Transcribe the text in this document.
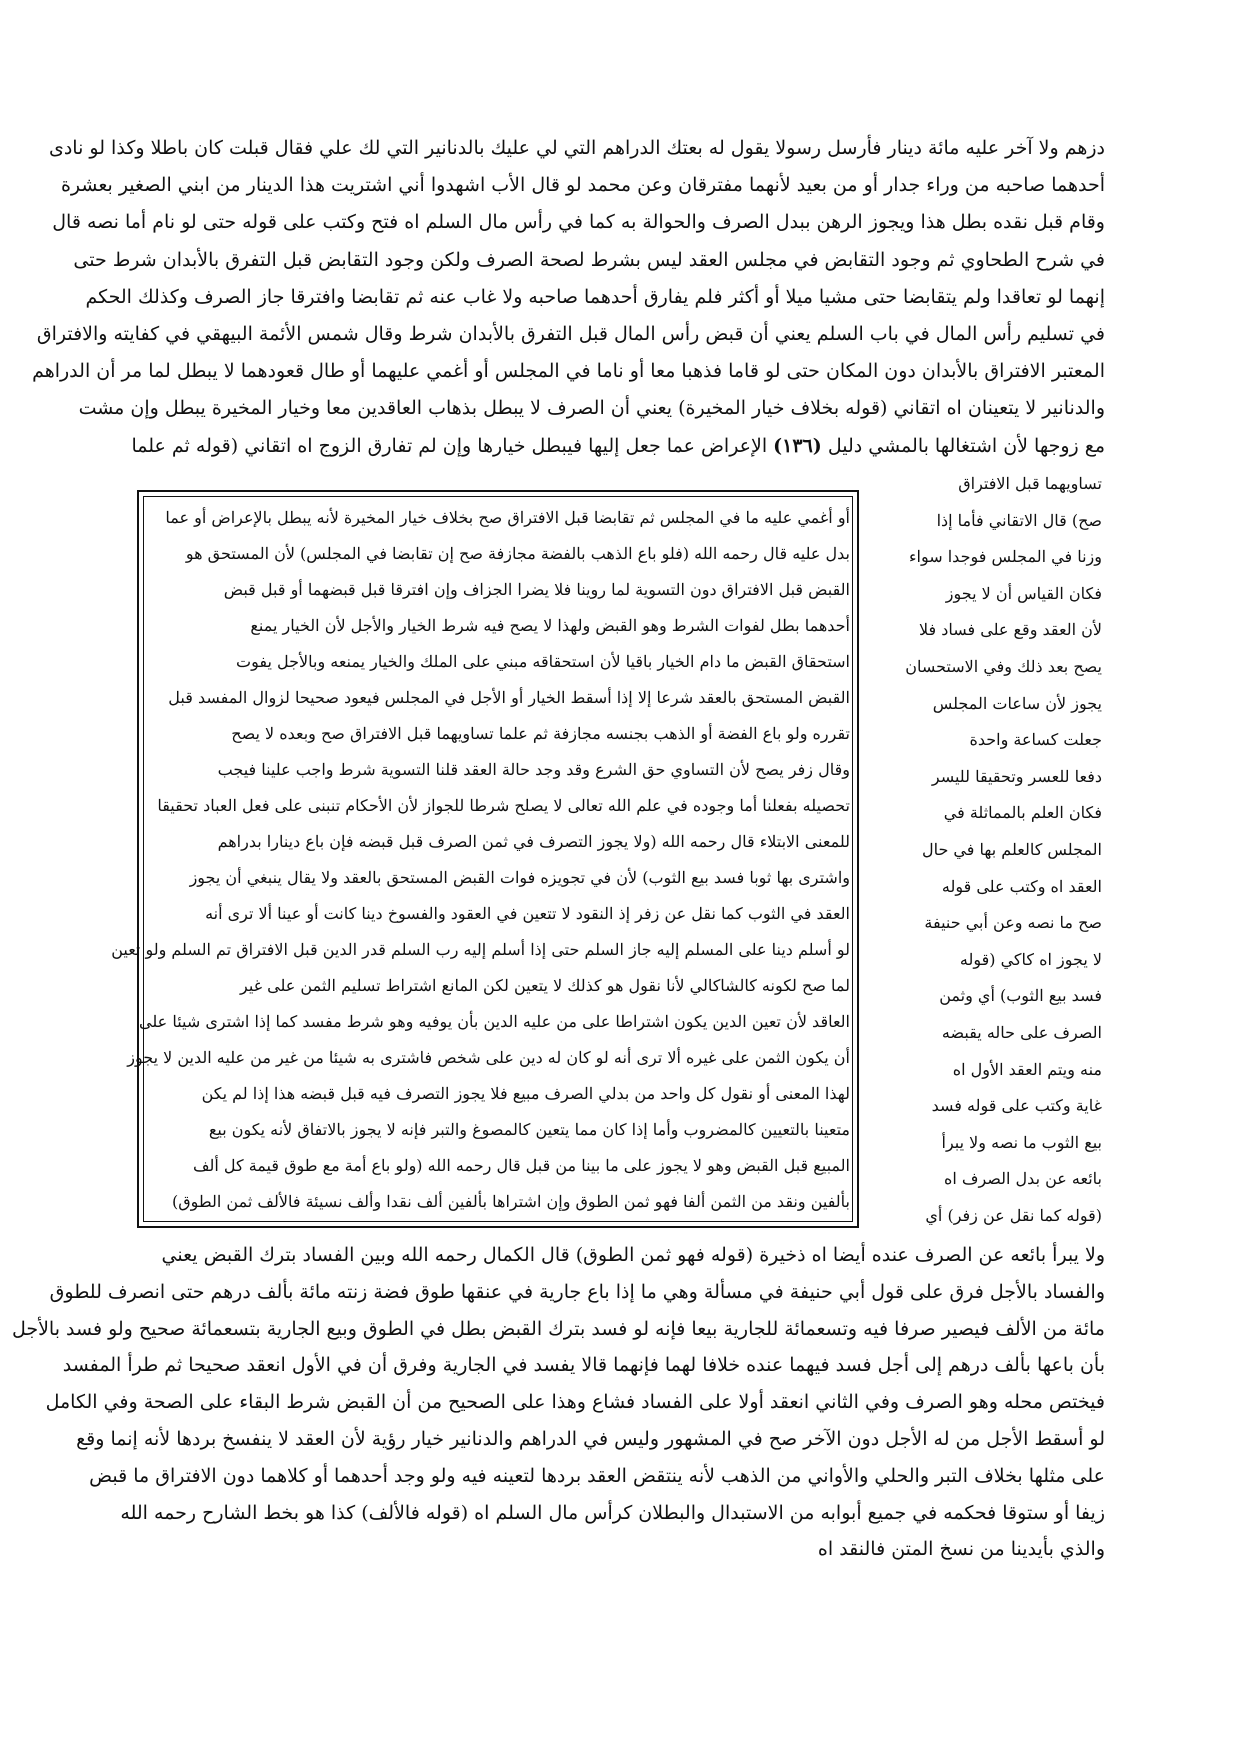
دزهم ولا آخر عليه مائة دينار فأرسل رسولا يقول له بعتك الدراهم التي لي عليك بالدنانير التي لك علي فقال قبلت كان باطلا وكذا لو نادى
أحدهما صاحبه من وراء جدار أو من بعيد لأنهما مفترقان وعن محمد لو قال الأب اشهدوا أني اشتريت هذا الدينار من ابني الصغير بعشرة
وقام قبل نقده بطل هذا ويجوز الرهن ببدل الصرف والحوالة به كما في رأس مال السلم اه فتح وكتب على قوله حتى لو نام أما نصه قال
في شرح الطحاوي ثم وجود التقابض في مجلس العقد ليس بشرط لصحة الصرف ولكن وجود التقابض قبل التفرق بالأبدان شرط حتى
إنهما لو تعاقدا ولم يتقابضا حتى مشيا ميلا أو أكثر فلم يفارق أحدهما صاحبه ولا غاب عنه ثم تقابضا وافترقا جاز الصرف وكذلك الحكم
في تسليم رأس المال في باب السلم يعني أن قبض رأس المال قبل التفرق بالأبدان شرط وقال شمس الأئمة البيهقي في كفايته والافتراق
المعتبر الافتراق بالأبدان دون المكان حتى لو قاما فذهبا معا أو ناما في المجلس أو أغمي عليهما أو طال قعودهما لا يبطل لما مر أن الدراهم
والدنانير لا يتعينان اه اتقاني (قوله بخلاف خيار المخيرة) يعني أن الصرف لا يبطل بذهاب العاقدين معا وخيار المخيرة يبطل وإن مشت
مع زوجها لأن اشتغالها بالمشي دليل (١٣٦) الإعراض عما جعل إليها فيبطل خيارها وإن لم تفارق الزوج اه اتقاني (قوله ثم علما
تساويهما قبل الافتراق
صح) قال الاتقاني فأما إذا
وزنا في المجلس فوجدا سواء
فكان القياس أن لا يجوز
لأن العقد وقع على فساد فلا
يصح بعد ذلك وفي الاستحسان
يجوز لأن ساعات المجلس
جعلت كساعة واحدة
دفعا للعسر وتحقيقا لليسر
فكان العلم بالمماثلة في
المجلس كالعلم بها في حال
العقد اه وكتب على قوله
صح ما نصه وعن أبي حنيفة
لا يجوز اه كاكي (قوله
فسد بيع الثوب) أي وثمن
الصرف على حاله يقبضه
منه ويتم العقد الأول اه
غاية وكتب على قوله فسد
بيع الثوب ما نصه ولا يبرأ
بائعه عن بدل الصرف اه
(قوله كما نقل عن زفر) أي
أو أغمي عليه ما في المجلس ثم تقابضا قبل الافتراق صح بخلاف خيار المخيرة لأنه يبطل بالإعراض أو عما
بدل عليه قال رحمه الله (فلو باع الذهب بالفضة مجازفة صح إن تقابضا في المجلس) لأن المستحق هو
القبض قبل الافتراق دون التسوية لما روينا فلا يضرا الجزاف وإن افترقا قبل قبضهما أو قبل قبض
أحدهما بطل لفوات الشرط وهو القبض ولهذا لا يصح فيه شرط الخيار والأجل لأن الخيار يمنع
استحقاق القبض ما دام الخيار باقيا لأن استحقاقه مبني على الملك والخيار يمنعه وبالأجل يفوت
القبض المستحق بالعقد شرعا إلا إذا أسقط الخيار أو الأجل في المجلس فيعود صحيحا لزوال المفسد قبل
تقرره ولو باع الفضة أو الذهب بجنسه مجازفة ثم علما تساويهما قبل الافتراق صح وبعده لا يصح
وقال زفر يصح لأن التساوي حق الشرع وقد وجد حالة العقد قلنا التسوية شرط واجب علينا فيجب
تحصيله بفعلنا أما وجوده في علم الله تعالى لا يصلح شرطا للجواز لأن الأحكام تنبنى على فعل العباد تحقيقا
للمعنى الابتلاء قال رحمه الله (ولا يجوز التصرف في ثمن الصرف قبل قبضه فإن باع دينارا بدراهم
واشترى بها ثوبا فسد بيع الثوب) لأن في تجويزه فوات القبض المستحق بالعقد ولا يقال ينبغي أن يجوز
العقد في الثوب كما نقل عن زفر إذ النقود لا تتعين في العقود والفسوخ دينا كانت أو عينا ألا ترى أنه
لو أسلم دينا على المسلم إليه جاز السلم حتى إذا أسلم إليه رب السلم قدر الدين قبل الافتراق تم السلم ولو تعين
لما صح لكونه كالشاكالي لأنا نقول هو كذلك لا يتعين لكن المانع اشتراط تسليم الثمن على غير
العاقد لأن تعين الدين يكون اشتراطا على من عليه الدين بأن يوفيه وهو شرط مفسد كما إذا اشترى شيئا على
أن يكون الثمن على غيره ألا ترى أنه لو كان له دين على شخص فاشترى به شيئا من غير من عليه الدين لا يجوز
لهذا المعنى أو نقول كل واحد من بدلي الصرف مبيع فلا يجوز التصرف فيه قبل قبضه هذا إذا لم يكن
متعينا بالتعيين كالمضروب وأما إذا كان مما يتعين كالمصوغ والتبر فإنه لا يجوز بالاتفاق لأنه يكون بيع
المبيع قبل القبض وهو لا يجوز على ما بينا من قبل قال رحمه الله (ولو باع أمة مع طوق قيمة كل ألف
بألفين ونقد من الثمن ألفا فهو ثمن الطوق وإن اشتراها بألفين ألف نقدا وألف نسيئة فالألف ثمن الطوق)
ولا يبرأ بائعه عن الصرف عنده أيضا اه ذخيرة (قوله فهو ثمن الطوق) قال الكمال رحمه الله وبين الفساد بترك القبض يعني
والفساد بالأجل فرق على قول أبي حنيفة في مسألة وهي ما إذا باع جارية في عنقها طوق فضة زنته مائة بألف درهم حتى انصرف للطوق
مائة من الألف فيصير صرفا فيه وتسعمائة للجارية بيعا فإنه لو فسد بترك القبض بطل في الطوق وبيع الجارية بتسعمائة صحيح ولو فسد بالأجل
بأن باعها بألف درهم إلى أجل فسد فيهما عنده خلافا لهما فإنهما قالا يفسد في الجارية وفرق أن في الأول انعقد صحيحا ثم طرأ المفسد
فيختص محله وهو الصرف وفي الثاني انعقد أولا على الفساد فشاع وهذا على الصحيح من أن القبض شرط البقاء على الصحة وفي الكامل
لو أسقط الأجل من له الأجل دون الآخر صح في المشهور وليس في الدراهم والدنانير خيار رؤية لأن العقد لا ينفسخ بردها لأنه إنما وقع
على مثلها بخلاف التبر والحلي والأواني من الذهب لأنه ينتقض العقد بردها لتعينه فيه ولو وجد أحدهما أو كلاهما دون الافتراق ما قبض
زيفا أو ستوقا فحكمه في جميع أبوابه من الاستبدال والبطلان كرأس مال السلم اه (قوله فالألف) كذا هو بخط الشارح رحمه الله
والذي بأيدينا من نسخ المتن فالنقد اه
